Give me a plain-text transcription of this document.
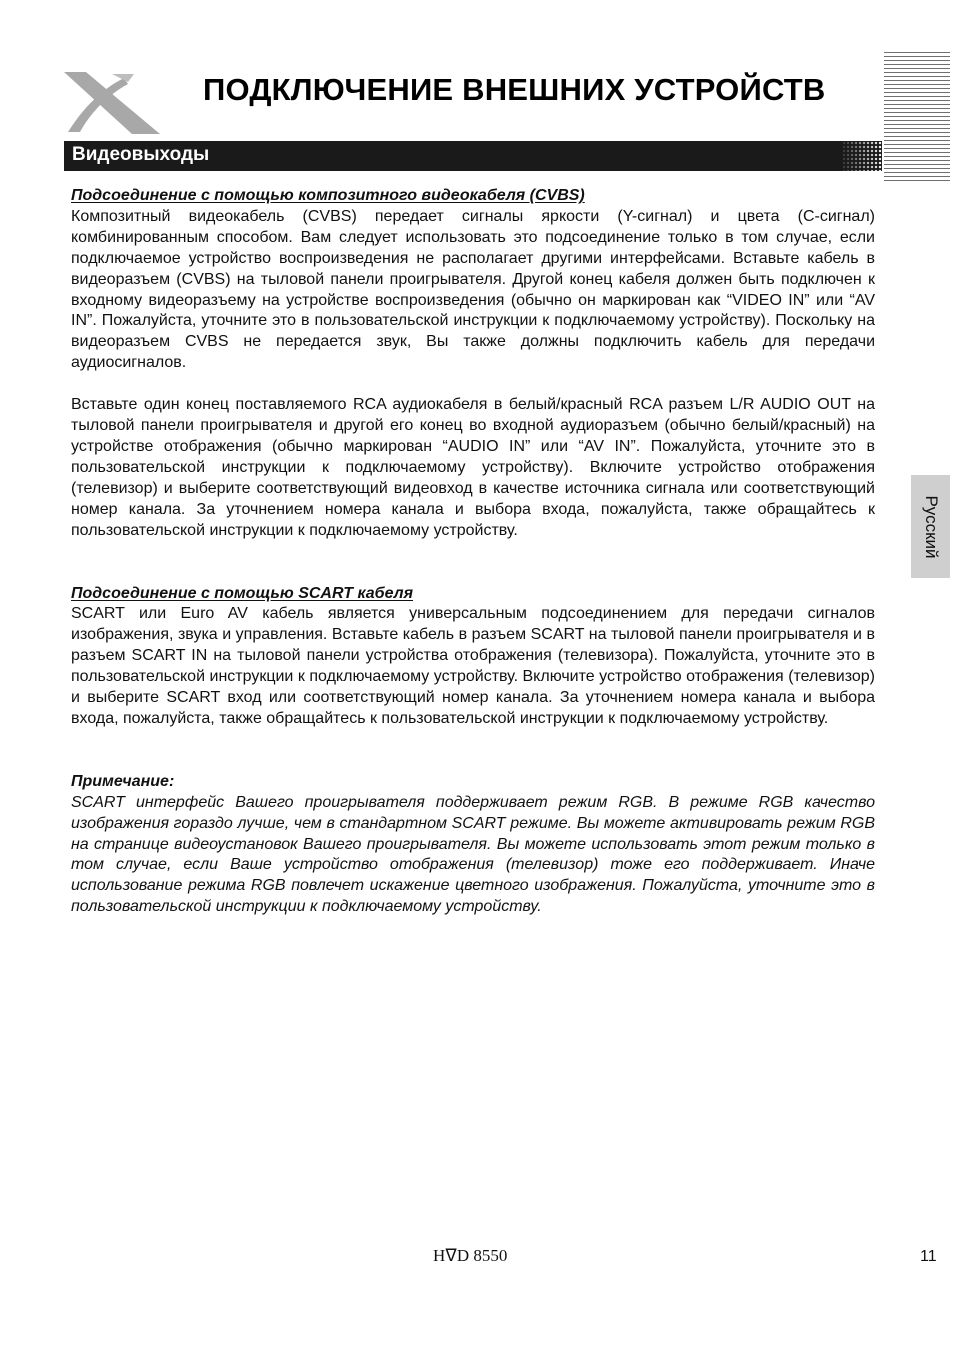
ПОДКЛЮЧЕНИЕ ВНЕШНИХ УСТРОЙСТВ
Видеовыходы
Подсоединение с помощью композитного видеокабеля (CVBS)

Композитный видеокабель (CVBS) передает сигналы яркости (Y-сигнал) и цвета (С-сигнал) комбинированным способом. Вам следует использовать это подсоединение только в том случае, если подключаемое устройство воспроизведения не располагает другими интерфейсами. Вставьте кабель в видеоразъем (CVBS) на тыловой панели проигрывателя. Другой конец кабеля должен быть подключен к входному видеоразъему на устройстве воспроизведения (обычно он маркирован как “VIDEO IN” или “AV IN”. Пожалуйста, уточните это в пользовательской инструкции к подключаемому устройству). Поскольку на видеоразъем CVBS не передается звук, Вы также должны подключить кабель для передачи аудиосигналов.

Вставьте один конец поставляемого RCA аудиокабеля в белый/красный RCA разъем L/R AUDIO OUT на тыловой панели проигрывателя и другой его конец во входной аудиоразъем (обычно белый/красный) на устройстве отображения (обычно маркирован “AUDIO IN” или “AV IN”. Пожалуйста, уточните это в пользовательской инструкции к подключаемому устройству). Включите устройство отображения (телевизор) и выберите соответствующий видеовход в качестве источника сигнала или соответствующий номер канала. За уточнением номера канала и выбора входа, пожалуйста, также обращайтесь к пользовательской инструкции к подключаемому устройству.

Подсоединение с помощью SCART кабеля

SCART или Euro AV кабель является универсальным подсоединением для передачи сигналов изображения, звука и управления. Вставьте кабель в разъем SCART на тыловой панели проигрывателя и в разъем SCART IN на тыловой панели устройства отображения (телевизора). Пожалуйста, уточните это в пользовательской инструкции к подключаемому устройству. Включите устройство отображения (телевизор) и выберите SCART вход или соответствующий номер канала. За уточнением номера канала и выбора входа, пожалуйста, также обращайтесь к пользовательской инструкции к подключаемому устройству.

Примечание:

SCART интерфейс Вашего проигрывателя поддерживает режим RGB. В режиме RGB качество изображения гораздо лучше, чем в стандартном SCART режиме. Вы можете активировать режим RGB на странице видеоустановок Вашего проигрывателя. Вы можете использовать этот режим только в том случае, если Ваше устройство отображения (телевизор) тоже его поддерживает. Иначе использование режима RGB повлечет искажение цветного изображения. Пожалуйста, уточните это в пользовательской инструкции к подключаемому устройству.

Русский
HᐁD 8550	11
